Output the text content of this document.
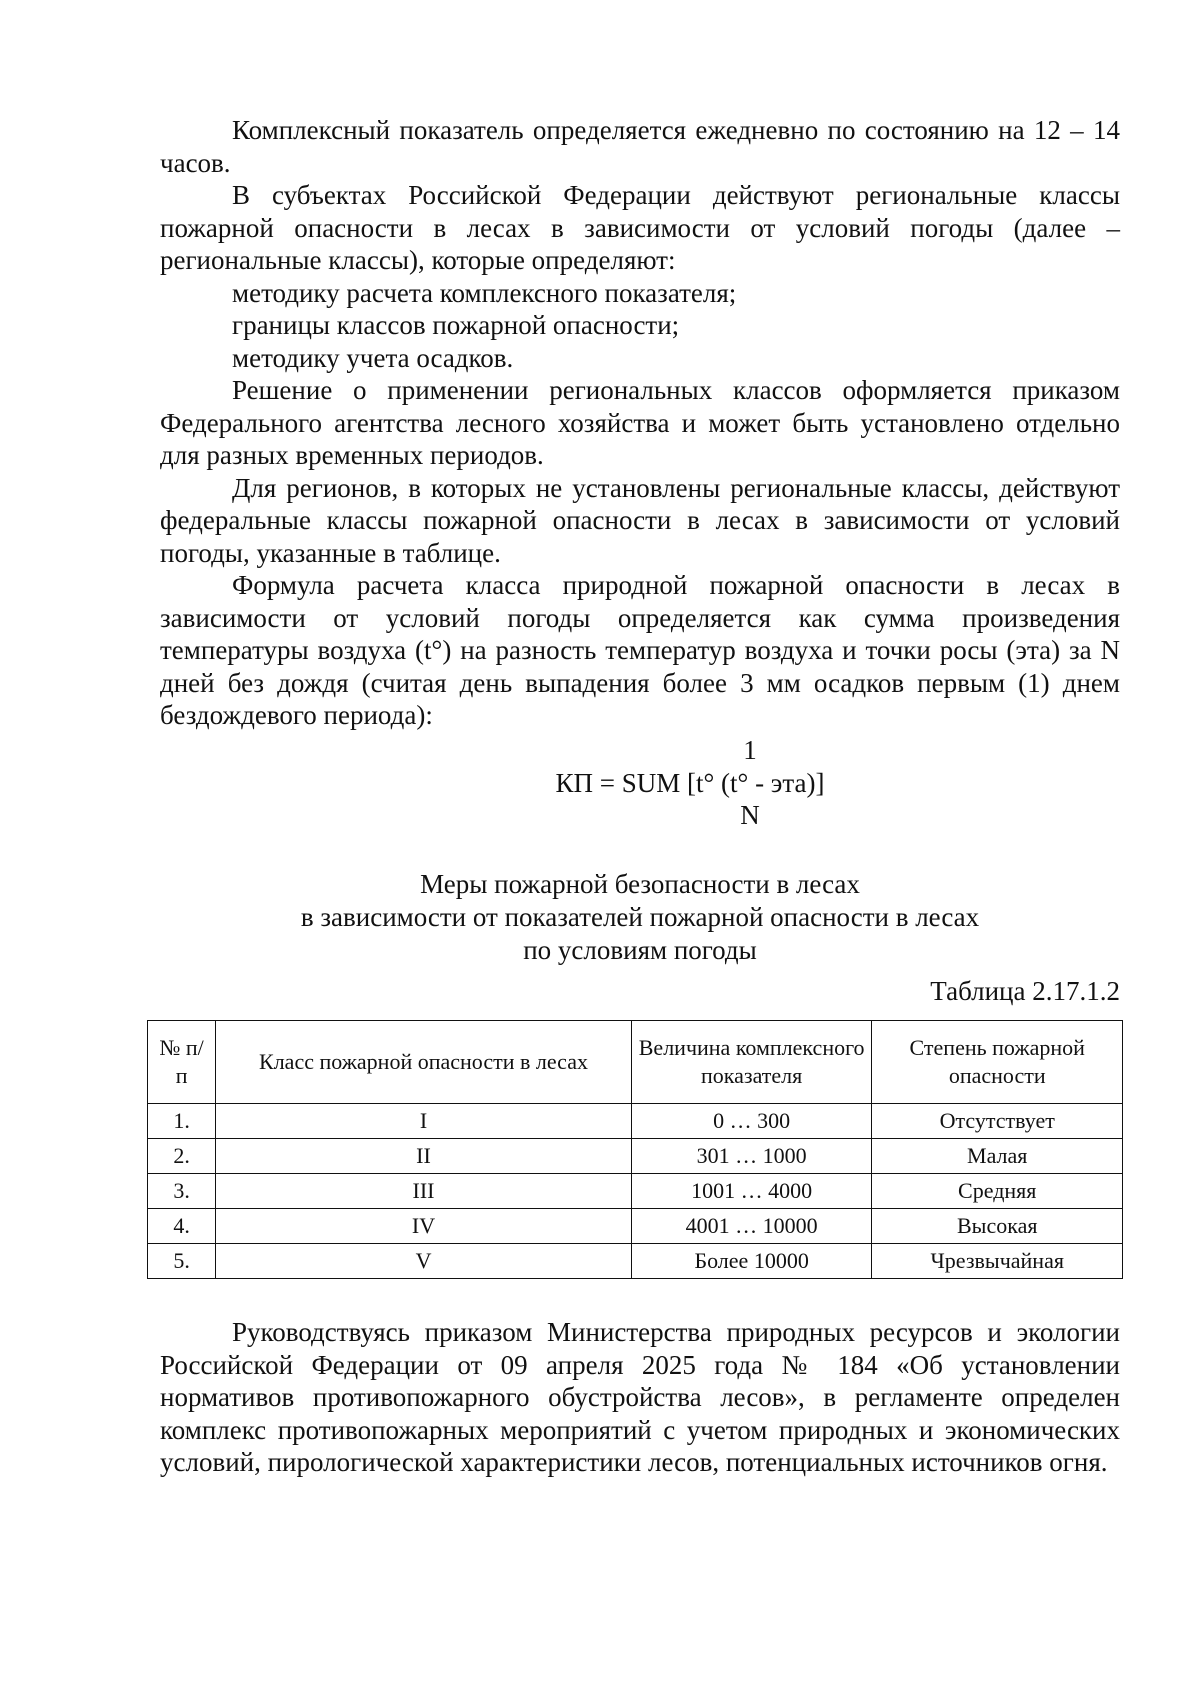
Комплексный показатель определяется ежедневно по состоянию на 12 – 14 часов.

В субъектах Российской Федерации действуют региональные классы пожарной опасности в лесах в зависимости от условий погоды (далее – региональные классы), которые определяют:

методику расчета комплексного показателя;

границы классов пожарной опасности;

методику учета осадков.

Решение о применении региональных классов оформляется приказом Федерального агентства лесного хозяйства и может быть установлено отдельно для разных временных периодов.

Для регионов, в которых не установлены региональные классы, действуют федеральные классы пожарной опасности в лесах в зависимости от условий погоды, указанные в таблице.

Формула расчета класса природной пожарной опасности в лесах в зависимости от условий погоды определяется как сумма произведения температуры воздуха (t°) на разность температур воздуха и точки росы (эта) за N дней без дождя (считая день выпадения более 3 мм осадков первым (1) днем бездождевого периода):

1
КП = SUM [t° (t° - эта)]
N
Меры пожарной безопасности в лесах
в зависимости от показателей пожарной опасности в лесах
по условиям погоды
Таблица 2.17.1.2
№ п/п	Класс пожарной опасности в лесах	Величина комплексного показателя	Степень пожарной опасности
1.	I	0 … 300	Отсутствует
2.	II	301 … 1000	Малая
3.	III	1001 … 4000	Средняя
4.	IV	4001 … 10000	Высокая
5.	V	Более 10000	Чрезвычайная

Руководствуясь приказом Министерства природных ресурсов и экологии Российской Федерации от 09 апреля 2025 года № 184 «Об установлении нормативов противопожарного обустройства лесов», в регламенте определен комплекс противопожарных мероприятий с учетом природных и экономических условий, пирологической характеристики лесов, потенциальных источников огня.
